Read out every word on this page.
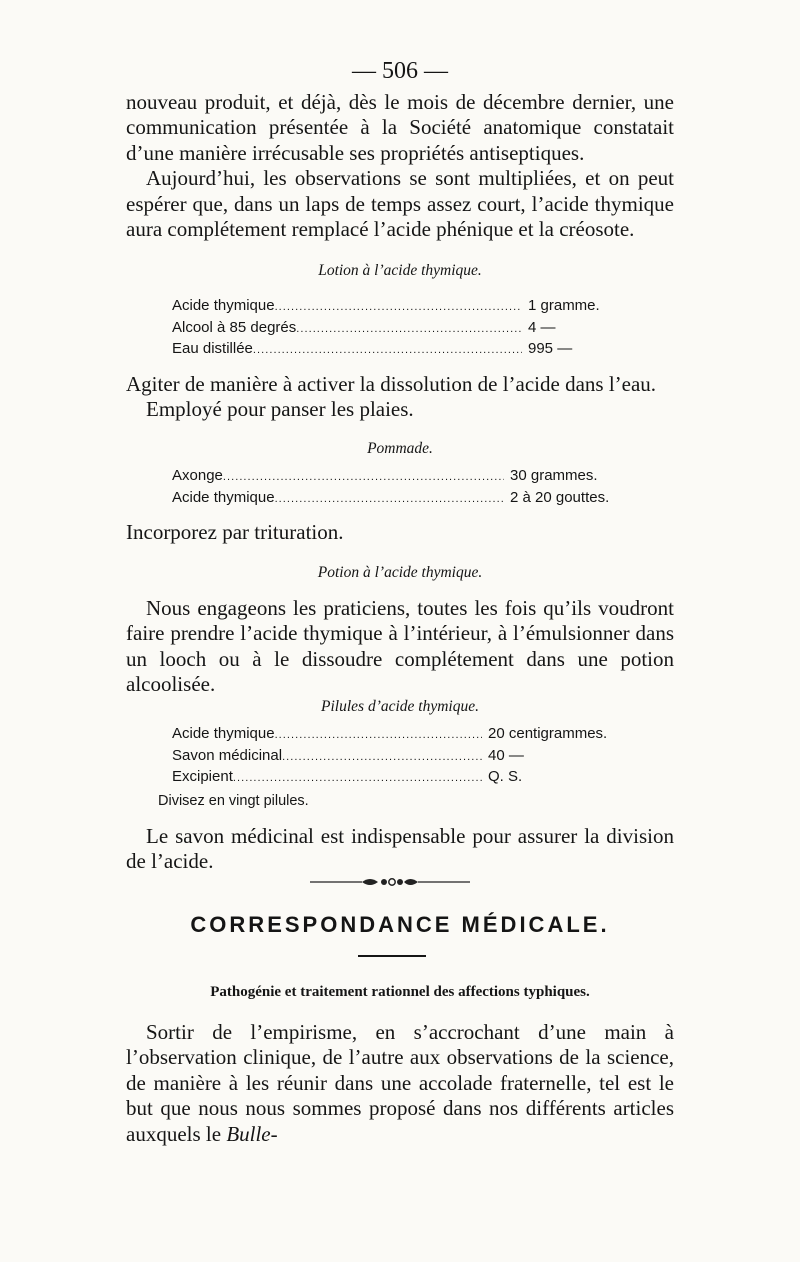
— 506 —

nouveau produit, et déjà, dès le mois de décembre dernier, une communication présentée à la Société anatomique constatait d’une manière irrécusable ses propriétés antiseptiques.

Aujourd’hui, les observations se sont multipliées, et on peut espérer que, dans un laps de temps assez court, l’acide thymique aura complétement remplacé l’acide phénique et la créosote.

Lotion à l’acide thymique.
Acide thymique . . .	1 gramme.
Alcool à 85 degrés . . .	4 —
Eau distillée . . .	995 —

Agiter de manière à activer la dissolution de l’acide dans l’eau.

Employé pour panser les plaies.

Pommade.
Axonge . . .	30 grammes.
Acide thymique . . .	2 à 20 gouttes.

Incorporez par trituration.

Potion à l’acide thymique.

Nous engageons les praticiens, toutes les fois qu’ils voudront faire prendre l’acide thymique à l’intérieur, à l’émulsionner dans un looch ou à le dissoudre complétement dans une potion alcoolisée.

Pilules d’acide thymique.
Acide thymique . . .	20 centigrammes.
Savon médicinal . . .	40 —
Excipient . . .	Q. S.
Divisez en vingt pilules.

Le savon médicinal est indispensable pour assurer la division de l’acide.

CORRESPONDANCE MÉDICALE.
Pathogénie et traitement rationnel des affections typhiques.

Sortir de l’empirisme, en s’accrochant d’une main à l’observation clinique, de l’autre aux observations de la science, de manière à les réunir dans une accolade fraternelle, tel est le but que nous nous sommes proposé dans nos différents articles auxquels le Bulle-
